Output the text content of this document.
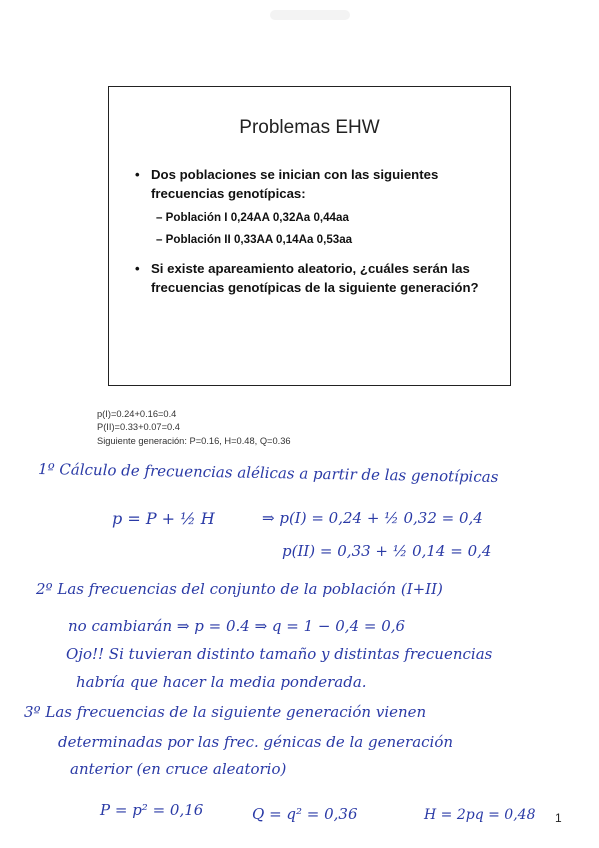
Problemas EHW
• Dos poblaciones se inician con las siguientes frecuencias genotípicas:
– Población I 0,24AA 0,32Aa 0,44aa
– Población II 0,33AA 0,14Aa 0,53aa
• Si existe apareamiento aleatorio, ¿cuáles serán las frecuencias genotípicas de la siguiente generación?
p(I)=0.24+0.16=0.4
P(II)=0.33+0.07=0.4
Siguiente generación: P=0.16, H=0.48, Q=0.36
1º Cálculo de frecuencias alélicas a partir de las genotípicas
p = P + ½ H	⇒ p(I) = 0,24 + ½ 0,32 = 0,4
p(II) = 0,33 + ½ 0,14 = 0,4
2º Las frecuencias del conjunto de la población (I+II)
no cambiarán ⇒ p = 0.4 ⇒ q = 1 − 0,4 = 0,6
Ojo!! Si tuvieran distinto tamaño y distintas frecuencias
habría que hacer la media ponderada.
3º Las frecuencias de la siguiente generación vienen
determinadas por las frec. génicas de la generación
anterior (en cruce aleatorio)
P = p² = 0,16	Q = q² = 0,36	H = 2pq = 0,48 1
